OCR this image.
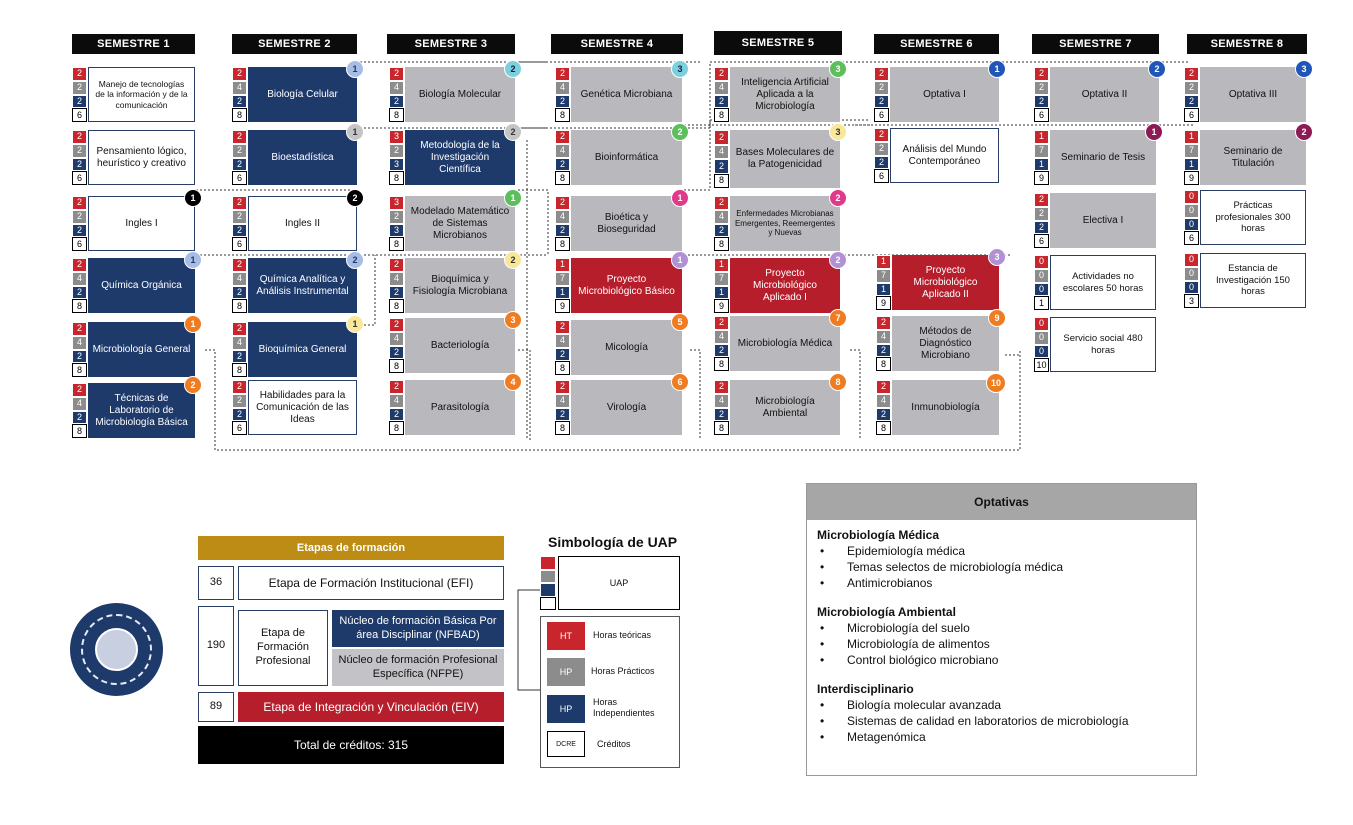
SEMESTRE 1	SEMESTRE 2	SEMESTRE 3	SEMESTRE 4	SEMESTRE 5	SEMESTRE 6	SEMESTRE 7	SEMESTRE 8
2
2
2
6
Manejo de tecnologías de la información y de la comunicación
2
2
2
6
Pensamiento lógico, heurístico y creativo
2
2
2
6
Ingles I
1
2
4
2
8
Química Orgánica
1
2
4
2
8
Microbiología General
1
2
4
2
8
Técnicas de Laboratorio de Microbiología Básica
2
2
4
2
8
Biología Celular
1
2
2
2
6
Bioestadística
1
2
2
2
6
Ingles II
2
2
4
2
8
Química Analítica y Análisis Instrumental
2
2
4
2
8
Bioquímica General
1
2
2
2
6
Habilidades para la Comunicación de las Ideas
2
4
2
8
Biología Molecular
2
3
2
3
8
Metodología de la Investigación Científica
2
3
2
3
8
Modelado Matemático de Sistemas Microbianos
1
2
4
2
8
Bioquímica y Fisiología Microbiana
2
2
4
2
8
Bacteriología
3
2
4
2
8
Parasitología
4
2
4
2
8
Genética Microbiana
3
2
4
2
8
Bioinformática
2
2
4
2
8
Bioética y Bioseguridad
1
1
7
1
9
Proyecto Microbiológico Básico
1
2
4
2
8
Micología
5
2
4
2
8
Virología
6
2
4
2
8
Inteligencia Artificial Aplicada a la Microbiología
3
2
4
2
8
Bases Moleculares de la Patogenicidad
3
2
4
2
8
Enfermedades Microbianas Emergentes, Reemergentes y Nuevas
2
1
7
1
9
Proyecto Microbiológico Aplicado I
2
2
4
2
8
Microbiología Médica
7
2
4
2
8
Microbiología Ambiental
8
2
2
2
6
Optativa I
1
2
2
2
6
Análisis del Mundo Contemporáneo
1
7
1
9
Proyecto Microbiológico Aplicado II
3
2
4
2
8
Métodos de Diagnóstico Microbiano
9
2
4
2
8
Inmunobiología
10
2
2
2
6
Optativa II
2
1
7
1
9
Seminario de Tesis
1
2
2
2
6
Electiva I
0
0
0
1
Actividades no escolares 50 horas
0
0
0
10
Servicio social 480 horas
2
2
2
6
Optativa III
3
1
7
1
9
Seminario de Titulación
2
0
0
0
6
Prácticas profesionales 300 horas
0
0
0
3
Estancia de Investigación 150 horas
Etapas de formación
36	Etapa de Formación Institucional (EFI)
190
Etapa de Formación Profesional
Núcleo de formación Básica Por área Disciplinar (NFBAD)
Núcleo de formación Profesional Específica (NFPE)
89	Etapa de Integración y Vinculación (EIV)
Total de créditos: 315
Simbología de UAP
UAP
HT	Horas teóricas
HP	Horas Prácticos
HP
Horas Independientes
DCRE	Créditos
Optativas
Microbiología Médica
• Epidemiología médica
• Temas selectos de microbiología médica
• Antimicrobianos
Microbiología Ambiental
• Microbiología del suelo
• Microbiología de alimentos
• Control biológico microbiano
Interdisciplinario
• Biología molecular avanzada
• Sistemas de calidad en laboratorios de microbiología
• Metagenómica
